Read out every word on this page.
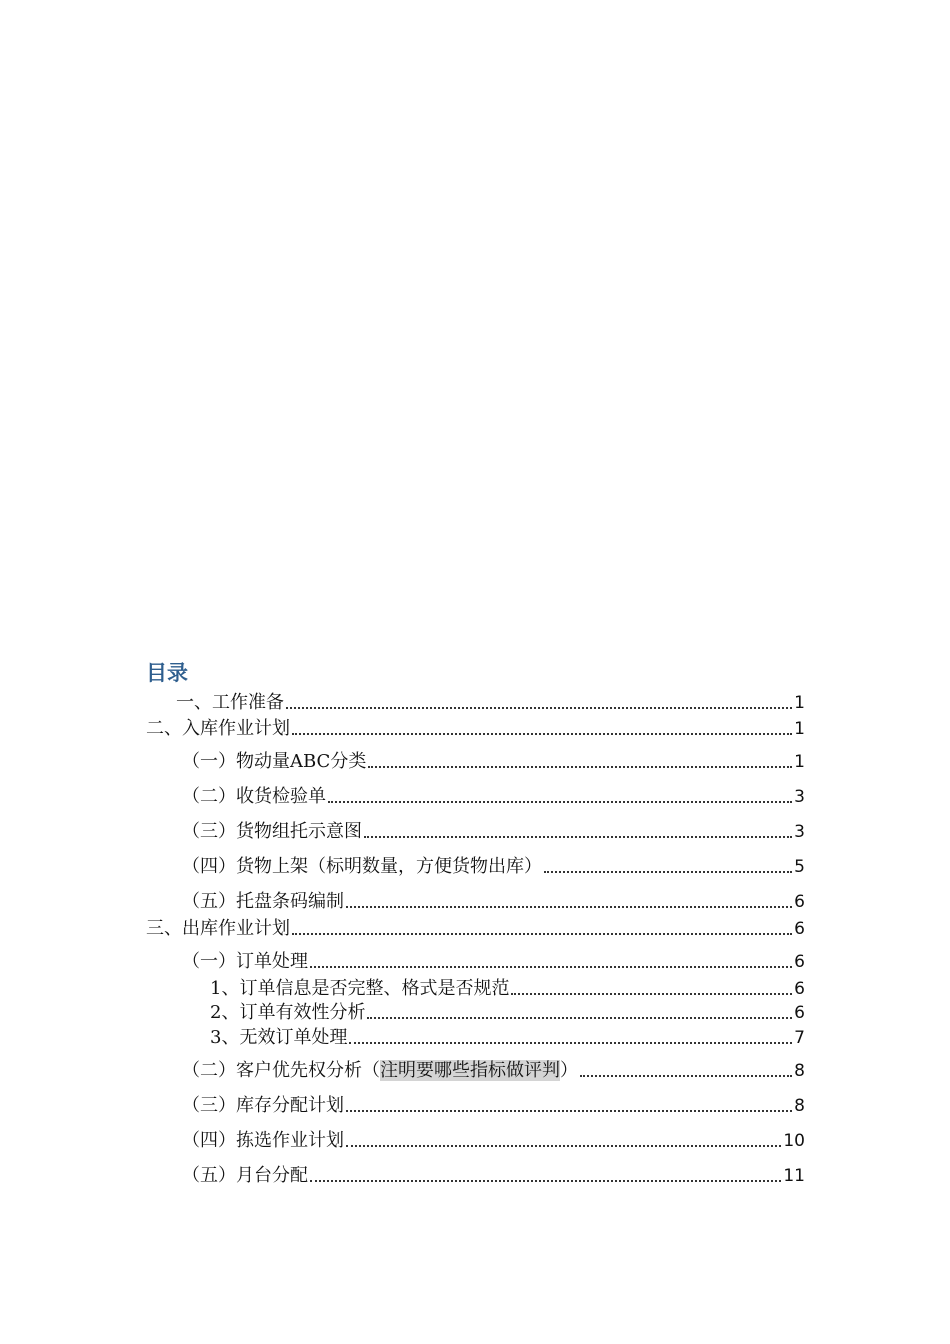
目录
一、工作准备	1
二、入库作业计划	1
（一）物动量ABC分类	1
（二）收货检验单	3
（三）货物组托示意图	3
（四）货物上架（标明数量，方便货物出库）	5
（五）托盘条码编制	6
三、出库作业计划	6
（一）订单处理	6
1、订单信息是否完整、格式是否规范	6
2、订单有效性分析	6
3、无效订单处理	7
（二）客户优先权分析（注明要哪些指标做评判）	8
（三）库存分配计划	8
（四）拣选作业计划	10
（五）月台分配	11
